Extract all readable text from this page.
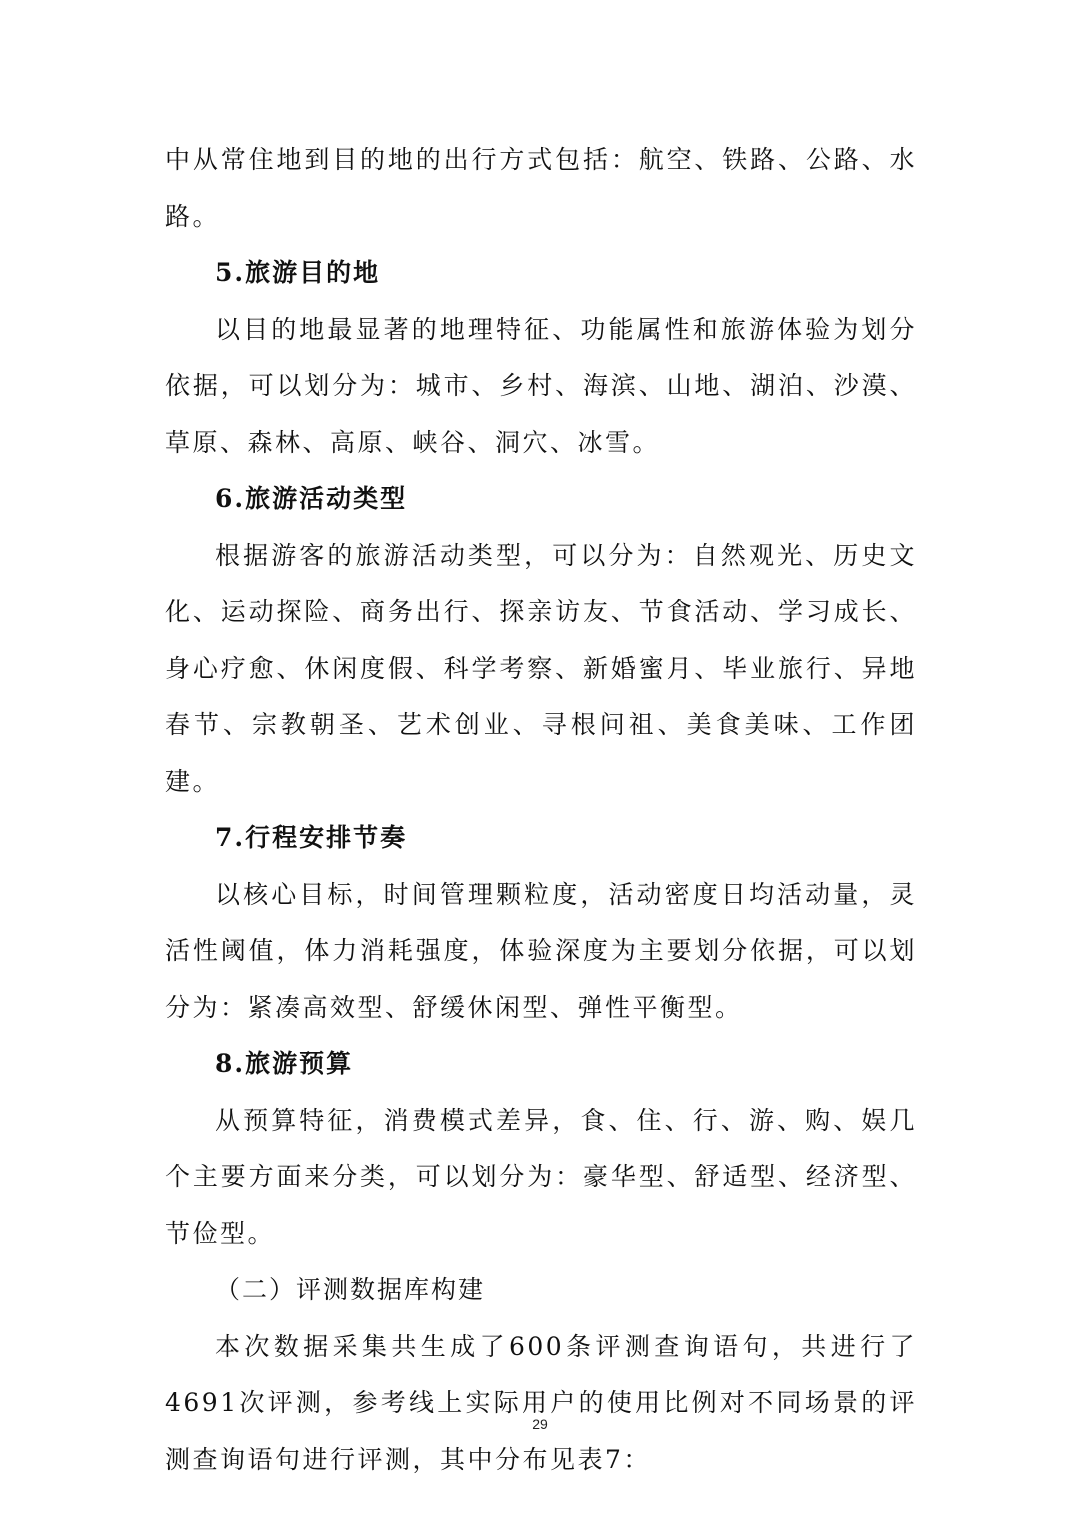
中从常住地到目的地的出行方式包括：航空、铁路、公路、水路。

5.旅游目的地

以目的地最显著的地理特征、功能属性和旅游体验为划分依据，可以划分为：城市、乡村、海滨、山地、湖泊、沙漠、草原、森林、高原、峡谷、洞穴、冰雪。

6.旅游活动类型

根据游客的旅游活动类型，可以分为：自然观光、历史文化、运动探险、商务出行、探亲访友、节食活动、学习成长、身心疗愈、休闲度假、科学考察、新婚蜜月、毕业旅行、异地春节、宗教朝圣、艺术创业、寻根问祖、美食美味、工作团建。

7.行程安排节奏

以核心目标，时间管理颗粒度，活动密度日均活动量，灵活性阈值，体力消耗强度，体验深度为主要划分依据，可以划分为：紧凑高效型、舒缓休闲型、弹性平衡型。

8.旅游预算

从预算特征，消费模式差异，食、住、行、游、购、娱几个主要方面来分类，可以划分为：豪华型、舒适型、经济型、节俭型。

（二）评测数据库构建

本次数据采集共生成了600条评测查询语句，共进行了4691次评测，参考线上实际用户的使用比例对不同场景的评测查询语句进行评测，其中分布见表7：

29
